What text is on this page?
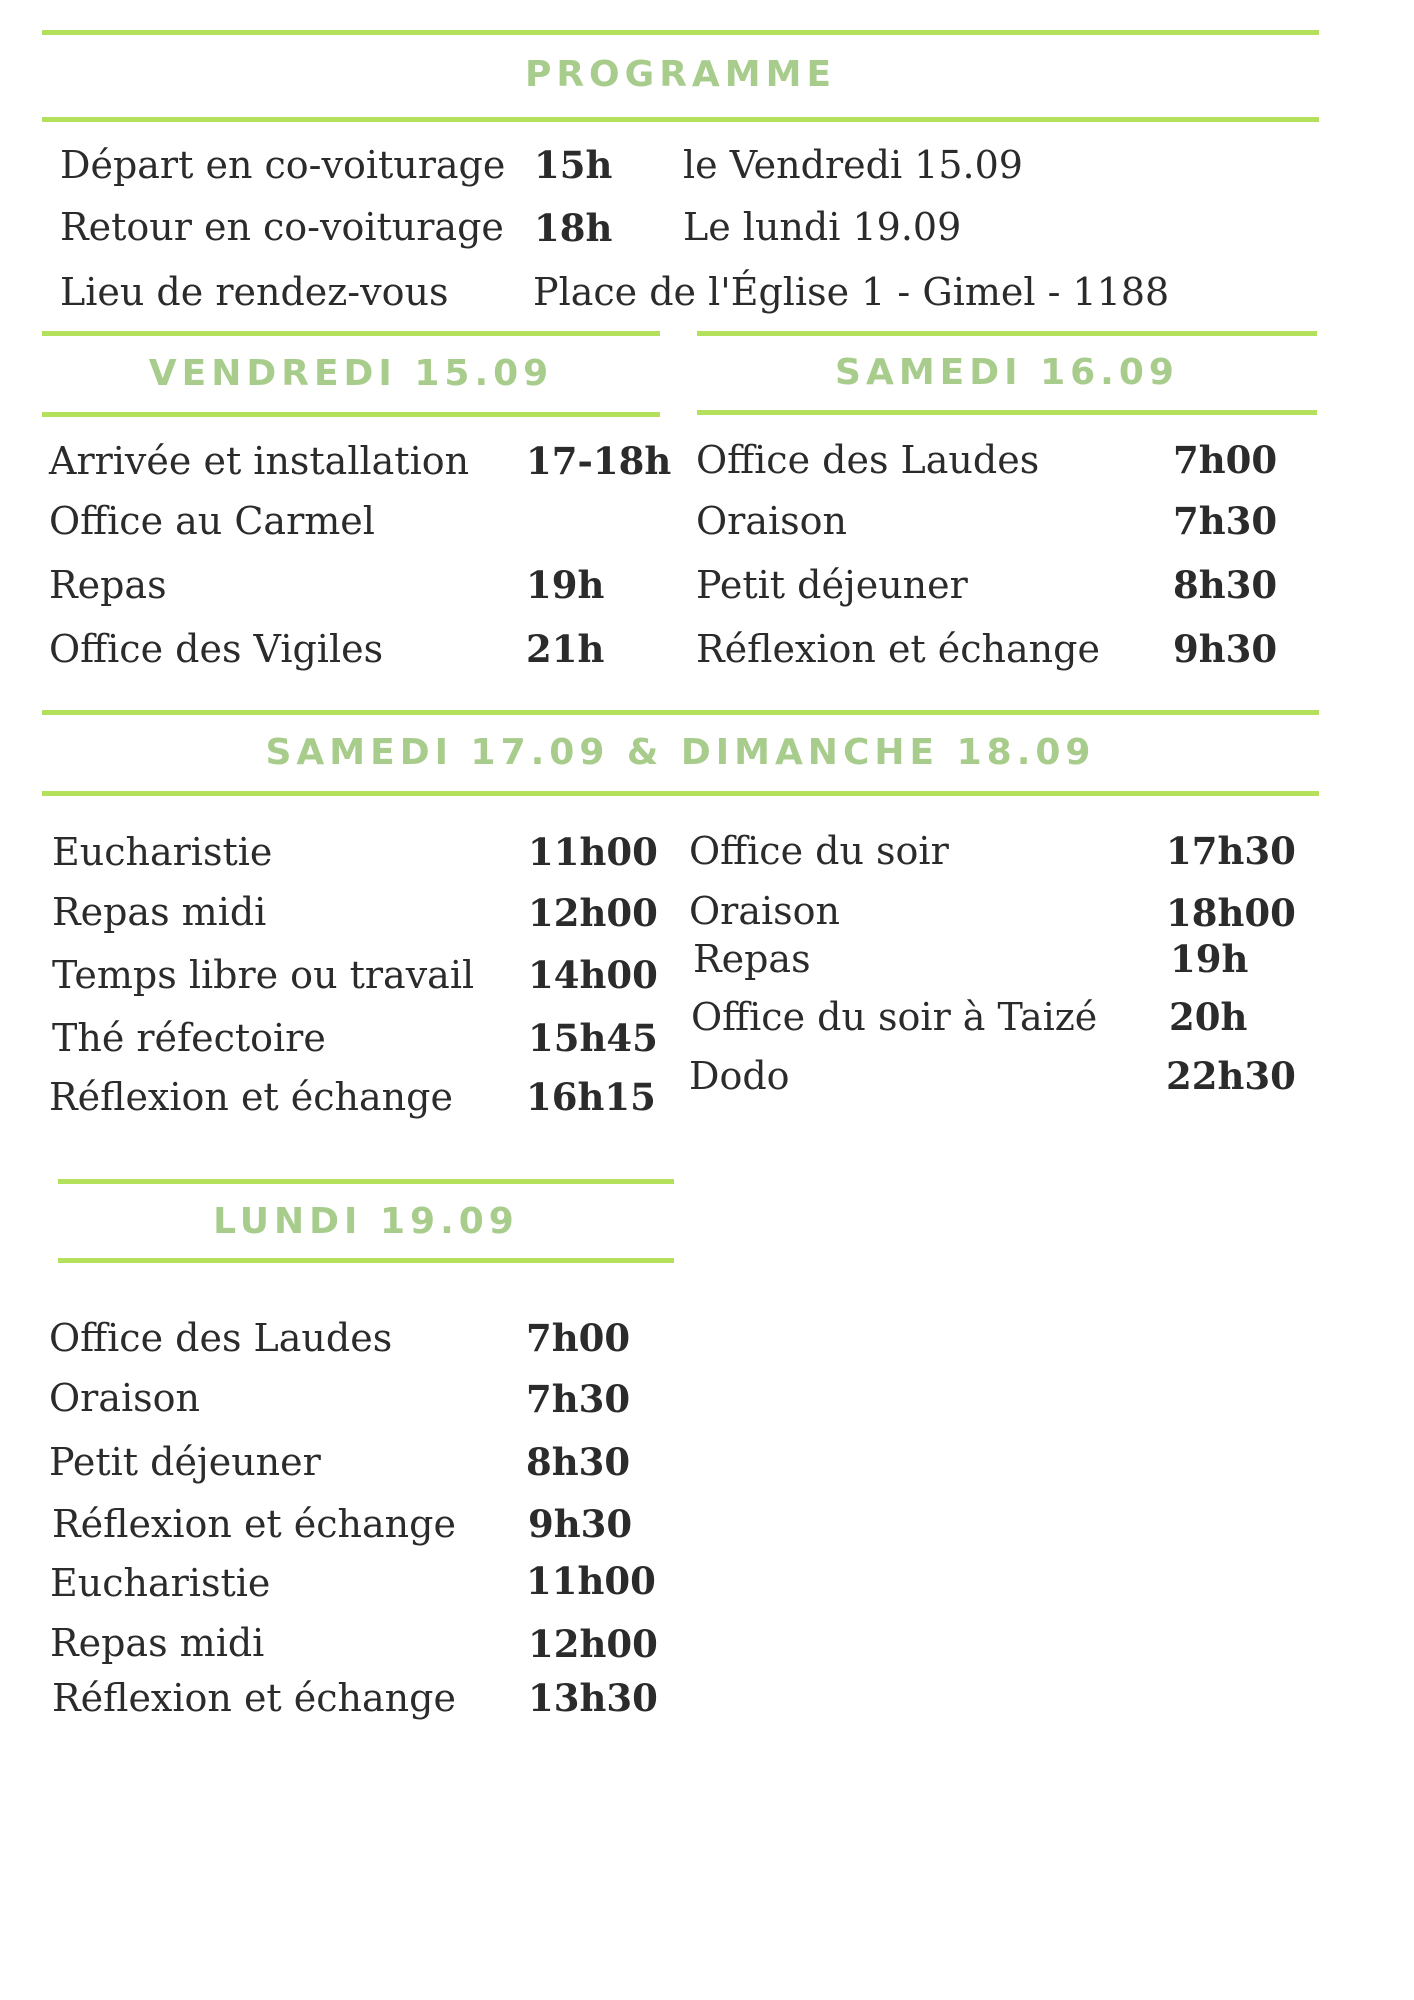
PROGRAMME
Départ en co-voiturage 15h le Vendredi 15.09
Retour en co-voiturage 18h Le lundi 19.09
Lieu de rendez-vous Place de l'Église 1 - Gimel - 1188
VENDREDI 15.09
Arrivée et installation 17-18h
Office au Carmel
Repas	19h
Office des Vigiles	21h
SAMEDI 16.09
Office des Laudes	7h00
Oraison	7h30
Petit déjeuner	8h30
Réflexion et échange 9h30
SAMEDI 17.09 & DIMANCHE 18.09
Eucharistie	11h00
Repas midi	12h00
Temps libre ou travail 14h00
Thé réfectoire	15h45
Réflexion et échange 16h15
Office du soir	17h30
Oraison	18h00
Repas	19h
Office du soir à Taizé 20h
Dodo	22h30
LUNDI 19.09
Office des Laudes	7h00
Oraison	7h30
Petit déjeuner	8h30
Réflexion et échange 9h30
Eucharistie	11h00
Repas midi	12h00
Réflexion et échange 13h30
